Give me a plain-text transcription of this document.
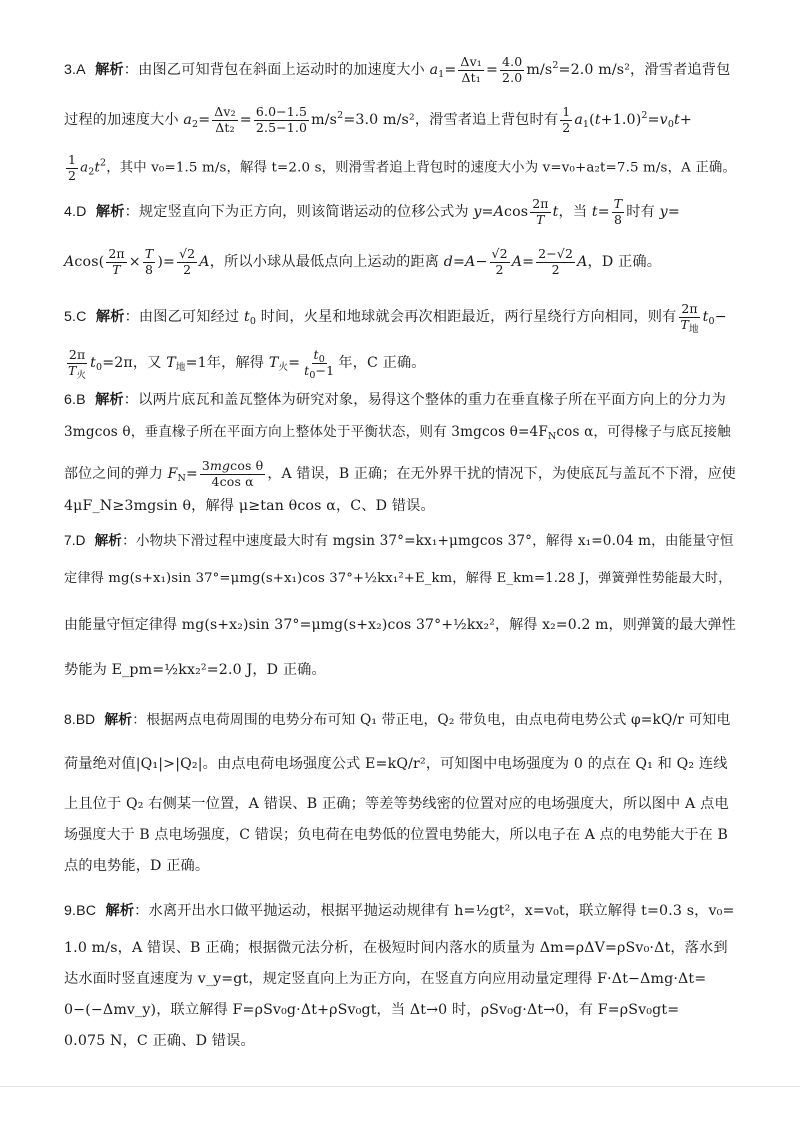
3.A 解析：由图乙可知背包在斜面上运动时的加速度大小 $a_1= \frac{\text{Δv₁}}{\text{Δt₁}} = \frac{4.0}{2.0} m/s^2=2.0$ m/s²，滑雪者追背包
过程的加速度大小 $a_2= \frac{\text{Δv₂}}{\text{Δt₂}} = \frac{6.0-1.5}{2.5-1.0} m/s^2=3.0$ m/s²，滑雪者追上背包时有 $\frac{1}{2} a_1(t+1.0)^2=v_0t+$
$\frac{1}{2} a_2t^2$，其中 v₀=1.5 m/s，解得 t=2.0 s，则滑雪者追上背包时的速度大小为 v=v₀+a₂t=7.5 m/s，A 正确。
4.D 解析：规定竖直向下为正方向，则该简谐运动的位移公式为 $y=Acos \frac{2\pi}{T}$ t，当 $t= \frac{T}{8}$ 时有 y=
$Acos( \frac{2\pi}{T} \times \frac{T}{8}$ )= $\frac{√2}{2}$ A，所以小球从最低点向上运动的距离 $d=A- \frac{√2}{2} A= \frac{2-√2}{2}$ A，D 正确。
5.C 解析：由图乙可知经过 $t_0$ 时间，火星和地球就会再次相距最近，两行星绕行方向相同，则有 $\frac{2\pi}{T_地} t_0-$
$\frac{2\pi}{T_火} t_0=2\pi$，又 $T_地=1$年，解得 $T_火= \frac{t_0}{t_0-1}$ 年，C 正确。
6.B 解析：以两片底瓦和盖瓦整体为研究对象，易得这个整体的重力在垂直椽子所在平面方向上的分力为
3mgcos θ，垂直椽子所在平面方向上整体处于平衡状态，则有 3mgcos $\theta=4F_N\cos$ α，可得椽子与底瓦接触
部位之间的弹力 $F_N= \frac{\text{3mgcos θ}}{\text{4cos α}}$ ，A 错误，B 正确；在无外界干扰的情况下，为使底瓦与盖瓦不下滑，应使
4μF_N≥3mgsin θ，解得 μ≥tan θcos α，C、D 错误。
7.D 解析：小物块下滑过程中速度最大时有 mgsin 37°=kx₁+μmgcos 37°，解得 x₁=0.04 m，由能量守恒
定律得 mg(s+x₁)sin 37°=μmg(s+x₁)cos 37°+½kx₁²+E_km，解得 E_km=1.28 J，弹簧弹性势能最大时，
由能量守恒定律得 mg(s+x₂)sin 37°=μmg(s+x₂)cos 37°+½kx₂²，解得 x₂=0.2 m，则弹簧的最大弹性
势能为 E_pm=½kx₂²=2.0 J，D 正确。
8.BD 解析：根据两点电荷周围的电势分布可知 Q₁ 带正电，Q₂ 带负电，由点电荷电势公式 φ=kQ/r 可知电
荷量绝对值|Q₁|>|Q₂|。由点电荷电场强度公式 E=kQ/r²，可知图中电场强度为 0 的点在 Q₁ 和 Q₂ 连线
上且位于 Q₂ 右侧某一位置，A 错误、B 正确；等差等势线密的位置对应的电场强度大，所以图中 A 点电
场强度大于 B 点电场强度，C 错误；负电荷在电势低的位置电势能大，所以电子在 A 点的电势能大于在 B
点的电势能，D 正确。
9.BC 解析：水离开出水口做平抛运动，根据平抛运动规律有 h=½gt²，x=v₀t，联立解得 t=0.3 s，v₀=
1.0 m/s，A 错误、B 正确；根据微元法分析，在极短时间内落水的质量为 Δm=ρΔV=ρSv₀·Δt，落水到
达水面时竖直速度为 v_y=gt，规定竖直向上为正方向，在竖直方向应用动量定理得 F·Δt−Δmg·Δt=
0−(−Δmv_y)，联立解得 F=ρSv₀g·Δt+ρSv₀gt，当 Δt→0 时，ρSv₀g·Δt→0，有 F=ρSv₀gt=
0.075 N，C 正确、D 错误。
